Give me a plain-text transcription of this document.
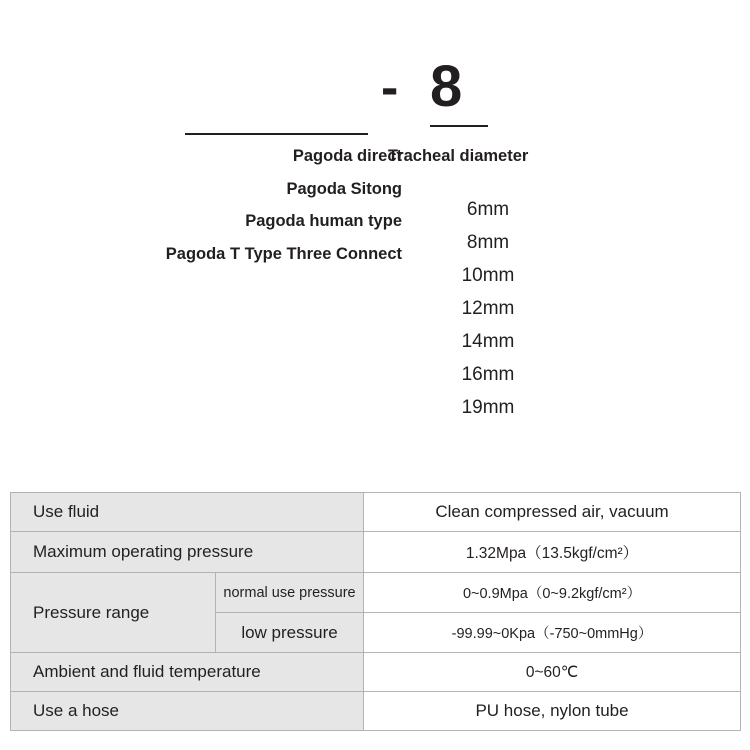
- 8
Pagoda direct
Pagoda Sitong
Pagoda human type
Pagoda T Type Three Connect
Tracheal diameter
6mm
8mm
10mm
12mm
14mm
16mm
19mm
Use fluid		Clean compressed air, vacuum
Maximum operating pressure		1.32Mpa（13.5kgf/cm²）
Pressure range	normal use pressure	0~0.9Mpa（0~9.2kgf/cm²）
	low pressure	-99.99~0Kpa（-750~0mmHg）
Ambient and fluid temperature		0~60℃
Use a hose		PU hose, nylon tube
